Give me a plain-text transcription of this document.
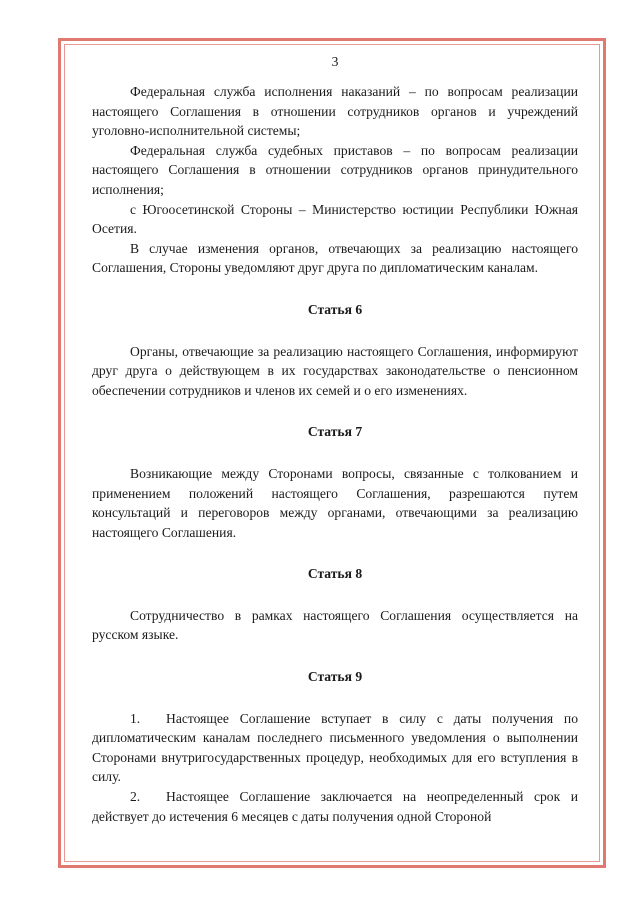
3

Федеральная служба исполнения наказаний – по вопросам реализации настоящего Соглашения в отношении сотрудников органов и учреждений уголовно-исполнительной системы;

Федеральная служба судебных приставов – по вопросам реализации настоящего Соглашения в отношении сотрудников органов принудительного исполнения;

с Югоосетинской Стороны – Министерство юстиции Республики Южная Осетия.

В случае изменения органов, отвечающих за реализацию настоящего Соглашения, Стороны уведомляют друг друга по дипломатическим каналам.

Статья 6

Органы, отвечающие за реализацию настоящего Соглашения, информируют друг друга о действующем в их государствах законодательстве о пенсионном обеспечении сотрудников и членов их семей и о его изменениях.

Статья 7

Возникающие между Сторонами вопросы, связанные с толкованием и применением положений настоящего Соглашения, разрешаются путем консультаций и переговоров между органами, отвечающими за реализацию настоящего Соглашения.

Статья 8

Сотрудничество в рамках настоящего Соглашения осуществляется на русском языке.

Статья 9

1. Настоящее Соглашение вступает в силу с даты получения по дипломатическим каналам последнего письменного уведомления о выполнении Сторонами внутригосударственных процедур, необходимых для его вступления в силу.

2. Настоящее Соглашение заключается на неопределенный срок и действует до истечения 6 месяцев с даты получения одной Стороной
